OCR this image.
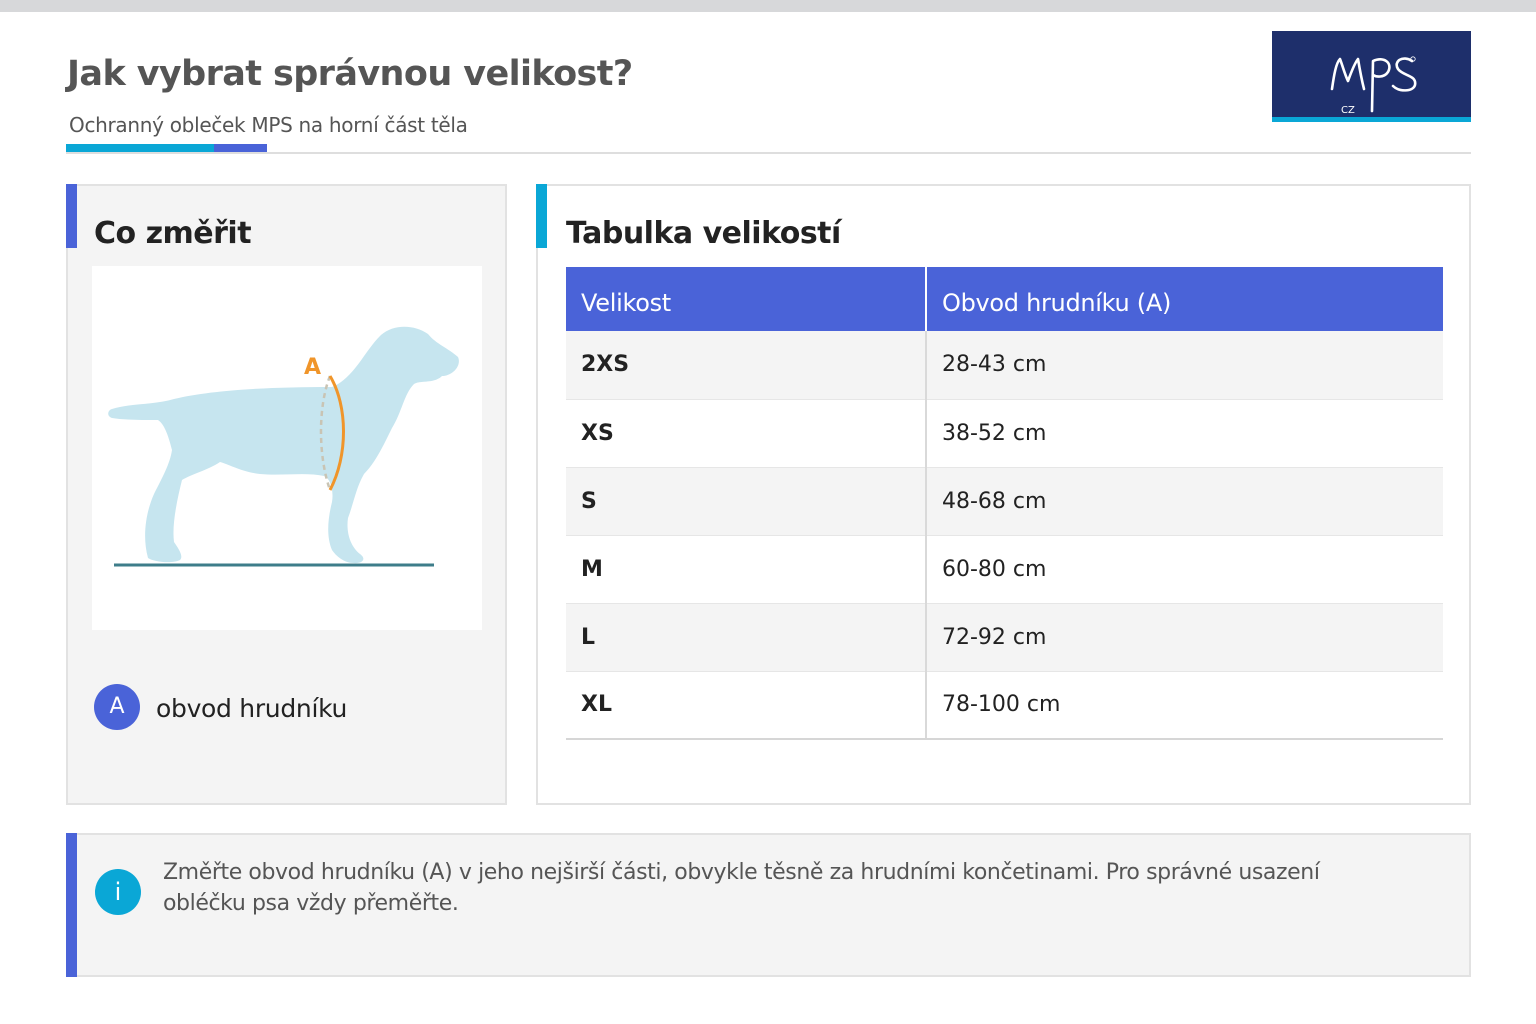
Jak vybrat správnou velikost?
Ochranný obleček MPS na horní část těla
CZ
Co změřit
A
A	obvod hrudníku
Tabulka velikostí
Velikost	Obvod hrudníku (A)
2XS	28-43 cm
XS	38-52 cm
S	48-68 cm
M	60-80 cm
L	72-92 cm
XL	78-100 cm
i

Změřte obvod hrudníku (A) v jeho nejširší části, obvykle těsně za hrudními končetinami. Pro správné usazení obléčku psa vždy přeměřte.
